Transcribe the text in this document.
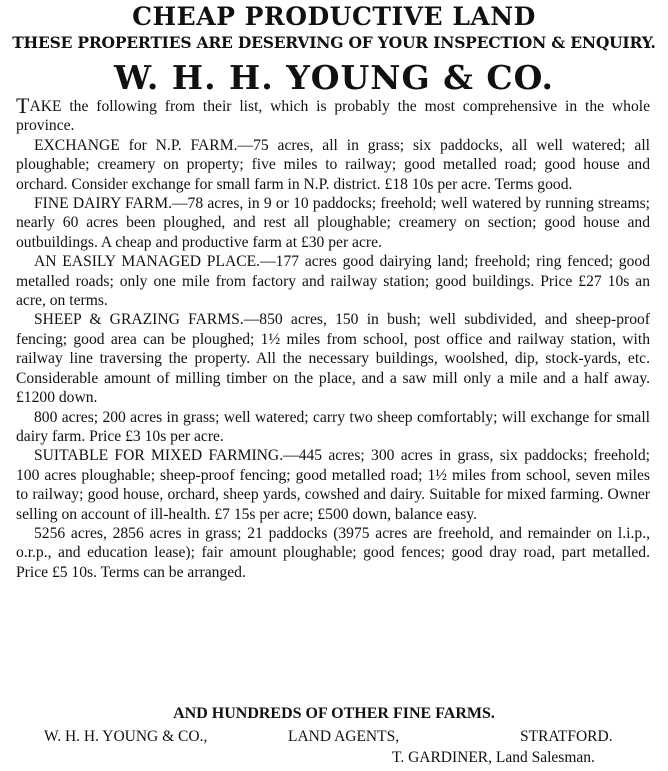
CHEAP PRODUCTIVE LAND
THESE PROPERTIES ARE DESERVING OF YOUR INSPECTION & ENQUIRY.
W. H. H. YOUNG & CO.

TAKE the following from their list, which is probably the most comprehensive in the whole province.

EXCHANGE for N.P. FARM.—75 acres, all in grass; six paddocks, all well watered; all ploughable; creamery on property; five miles to railway; good metalled road; good house and orchard. Consider exchange for small farm in N.P. district. £18 10s per acre. Terms good.

FINE DAIRY FARM.—78 acres, in 9 or 10 paddocks; freehold; well watered by running streams; nearly 60 acres been ploughed, and rest all ploughable; creamery on section; good house and outbuildings. A cheap and productive farm at £30 per acre.

AN EASILY MANAGED PLACE.—177 acres good dairying land; freehold; ring fenced; good metalled roads; only one mile from factory and railway station; good buildings. Price £27 10s an acre, on terms.

SHEEP & GRAZING FARMS.—850 acres, 150 in bush; well subdivided, and sheep-proof fencing; good area can be ploughed; 1½ miles from school, post office and railway station, with railway line traversing the property. All the necessary buildings, woolshed, dip, stock-yards, etc. Considerable amount of milling timber on the place, and a saw mill only a mile and a half away. £1200 down.

800 acres; 200 acres in grass; well watered; carry two sheep comfortably; will exchange for small dairy farm. Price £3 10s per acre.

SUITABLE FOR MIXED FARMING.—445 acres; 300 acres in grass, six paddocks; freehold; 100 acres ploughable; sheep-proof fencing; good metalled road; 1½ miles from school, seven miles to railway; good house, orchard, sheep yards, cowshed and dairy. Suitable for mixed farming. Owner selling on account of ill-health. £7 15s per acre; £500 down, balance easy.

5256 acres, 2856 acres in grass; 21 paddocks (3975 acres are freehold, and remainder on l.i.p., o.r.p., and education lease); fair amount ploughable; good fences; good dray road, part metalled. Price £5 10s. Terms can be arranged.

AND HUNDREDS OF OTHER FINE FARMS.
W. H. H. YOUNG & CO.,	LAND AGENTS,	STRATFORD.
T. GARDINER, Land Salesman.
